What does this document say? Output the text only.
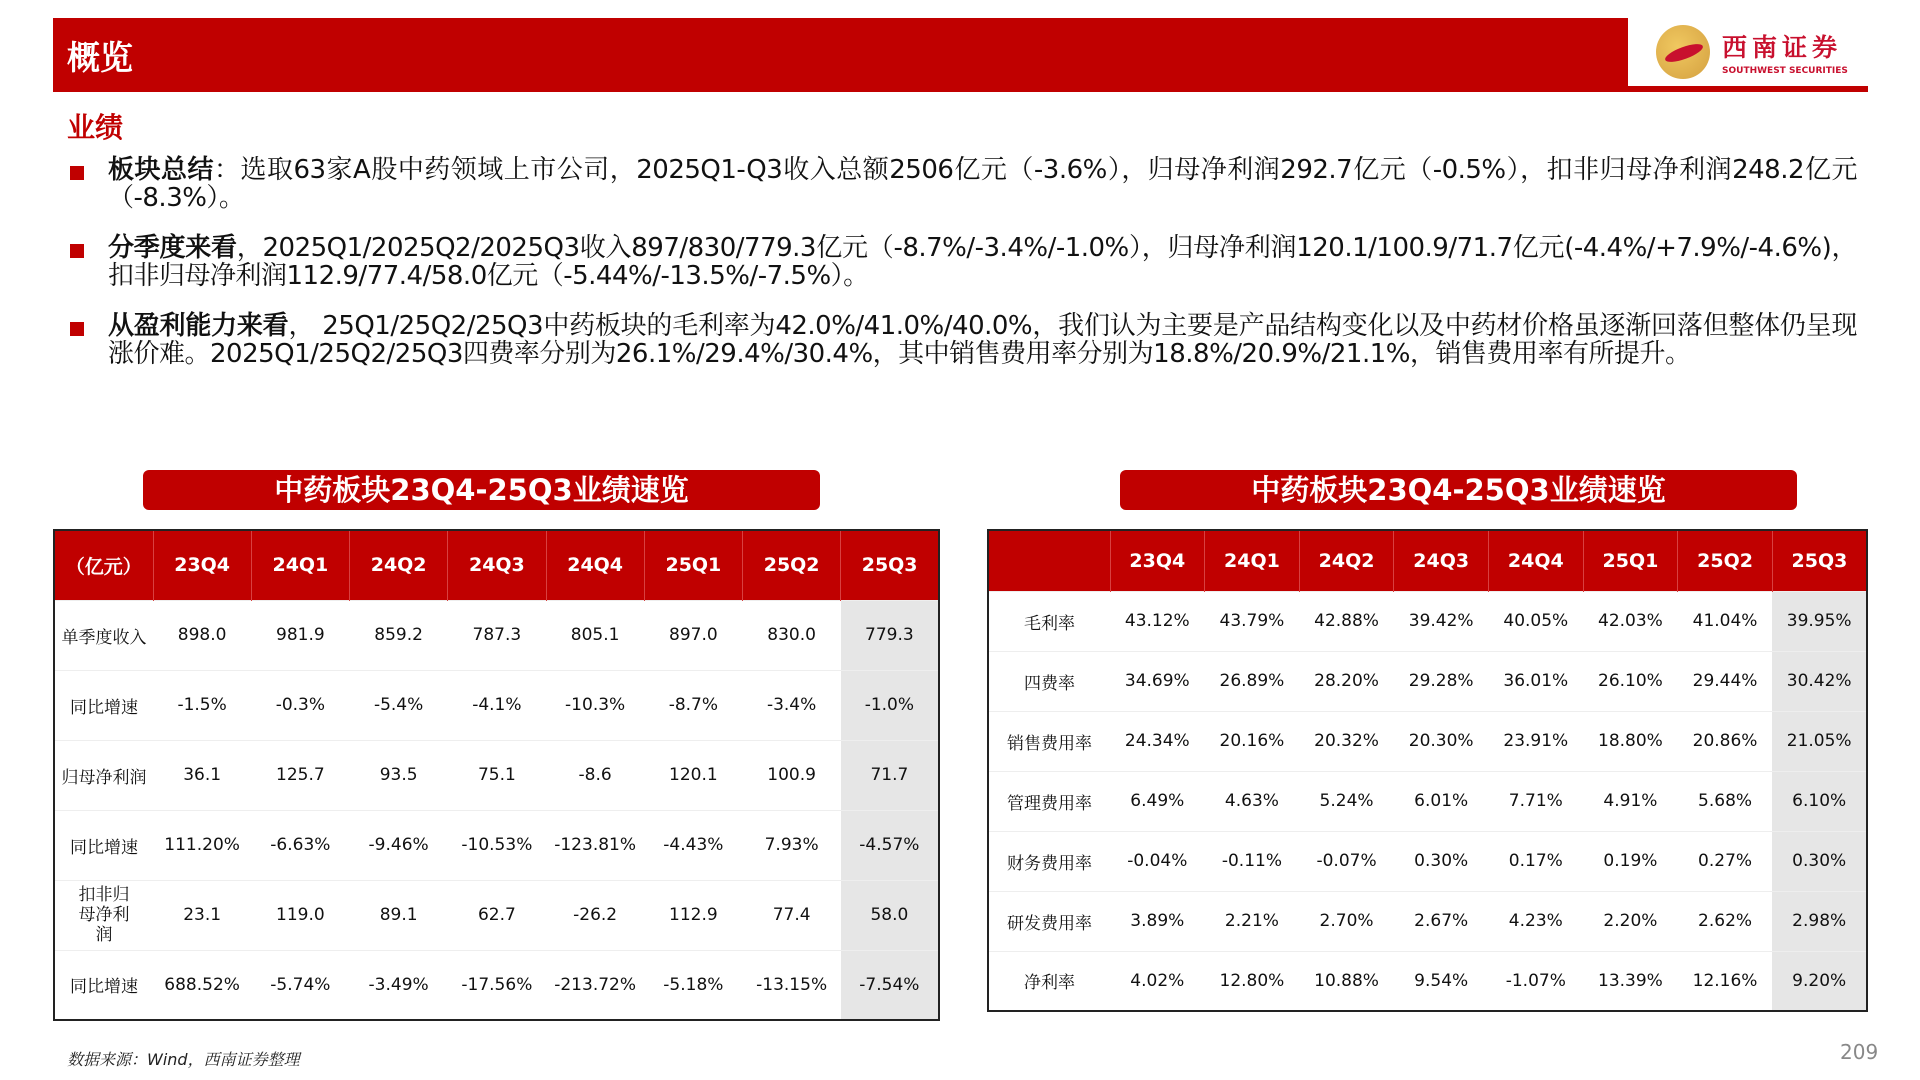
概览	西南证券
SOUTHWEST SECURITIES
业绩
板块总结：选取63家A股中药领域上市公司，2025Q1-Q3收入总额2506亿元（-3.6%），归母净利润292.7亿元（-0.5%），扣非归母净利润248.2亿元（-8.3%）。
分季度来看，2025Q1/2025Q2/2025Q3收入897/830/779.3亿元（-8.7%/-3.4%/-1.0%），归母净利润120.1/100.9/71.7亿元(-4.4%/+7.9%/-4.6%)，扣非归母净利润112.9/77.4/58.0亿元（-5.44%/-13.5%/-7.5%）。
从盈利能力来看， 25Q1/25Q2/25Q3中药板块的毛利率为42.0%/41.0%/40.0%，我们认为主要是产品结构变化以及中药材价格虽逐渐回落但整体仍呈现涨价难。2025Q1/25Q2/25Q3四费率分别为26.1%/29.4%/30.4%，其中销售费用率分别为18.8%/20.9%/21.1%，销售费用率有所提升。
中药板块23Q4-25Q3业绩速览	中药板块23Q4-25Q3业绩速览
（亿元）	23Q4	24Q1	24Q2	24Q3	24Q4	25Q1	25Q2	25Q3
单季度收入	898.0	981.9	859.2	787.3	805.1	897.0	830.0	779.3
同比增速	-1.5%	-0.3%	-5.4%	-4.1%	-10.3%	-8.7%	-3.4%	-1.0%
归母净利润	36.1	125.7	93.5	75.1	-8.6	120.1	100.9	71.7
同比增速	111.20%	-6.63%	-9.46%	-10.53%	-123.81%	-4.43%	7.93%	-4.57%
扣非归母净利润	23.1	119.0	89.1	62.7	-26.2	112.9	77.4	58.0
同比增速	688.52%	-5.74%	-3.49%	-17.56%	-213.72%	-5.18%	-13.15%	-7.54%
	23Q4	24Q1	24Q2	24Q3	24Q4	25Q1	25Q2	25Q3
毛利率	43.12%	43.79%	42.88%	39.42%	40.05%	42.03%	41.04%	39.95%
四费率	34.69%	26.89%	28.20%	29.28%	36.01%	26.10%	29.44%	30.42%
销售费用率	24.34%	20.16%	20.32%	20.30%	23.91%	18.80%	20.86%	21.05%
管理费用率	6.49%	4.63%	5.24%	6.01%	7.71%	4.91%	5.68%	6.10%
财务费用率	-0.04%	-0.11%	-0.07%	0.30%	0.17%	0.19%	0.27%	0.30%
研发费用率	3.89%	2.21%	2.70%	2.67%	4.23%	2.20%	2.62%	2.98%
净利率	4.02%	12.80%	10.88%	9.54%	-1.07%	13.39%	12.16%	9.20%
数据来源：Wind，西南证券整理	209
